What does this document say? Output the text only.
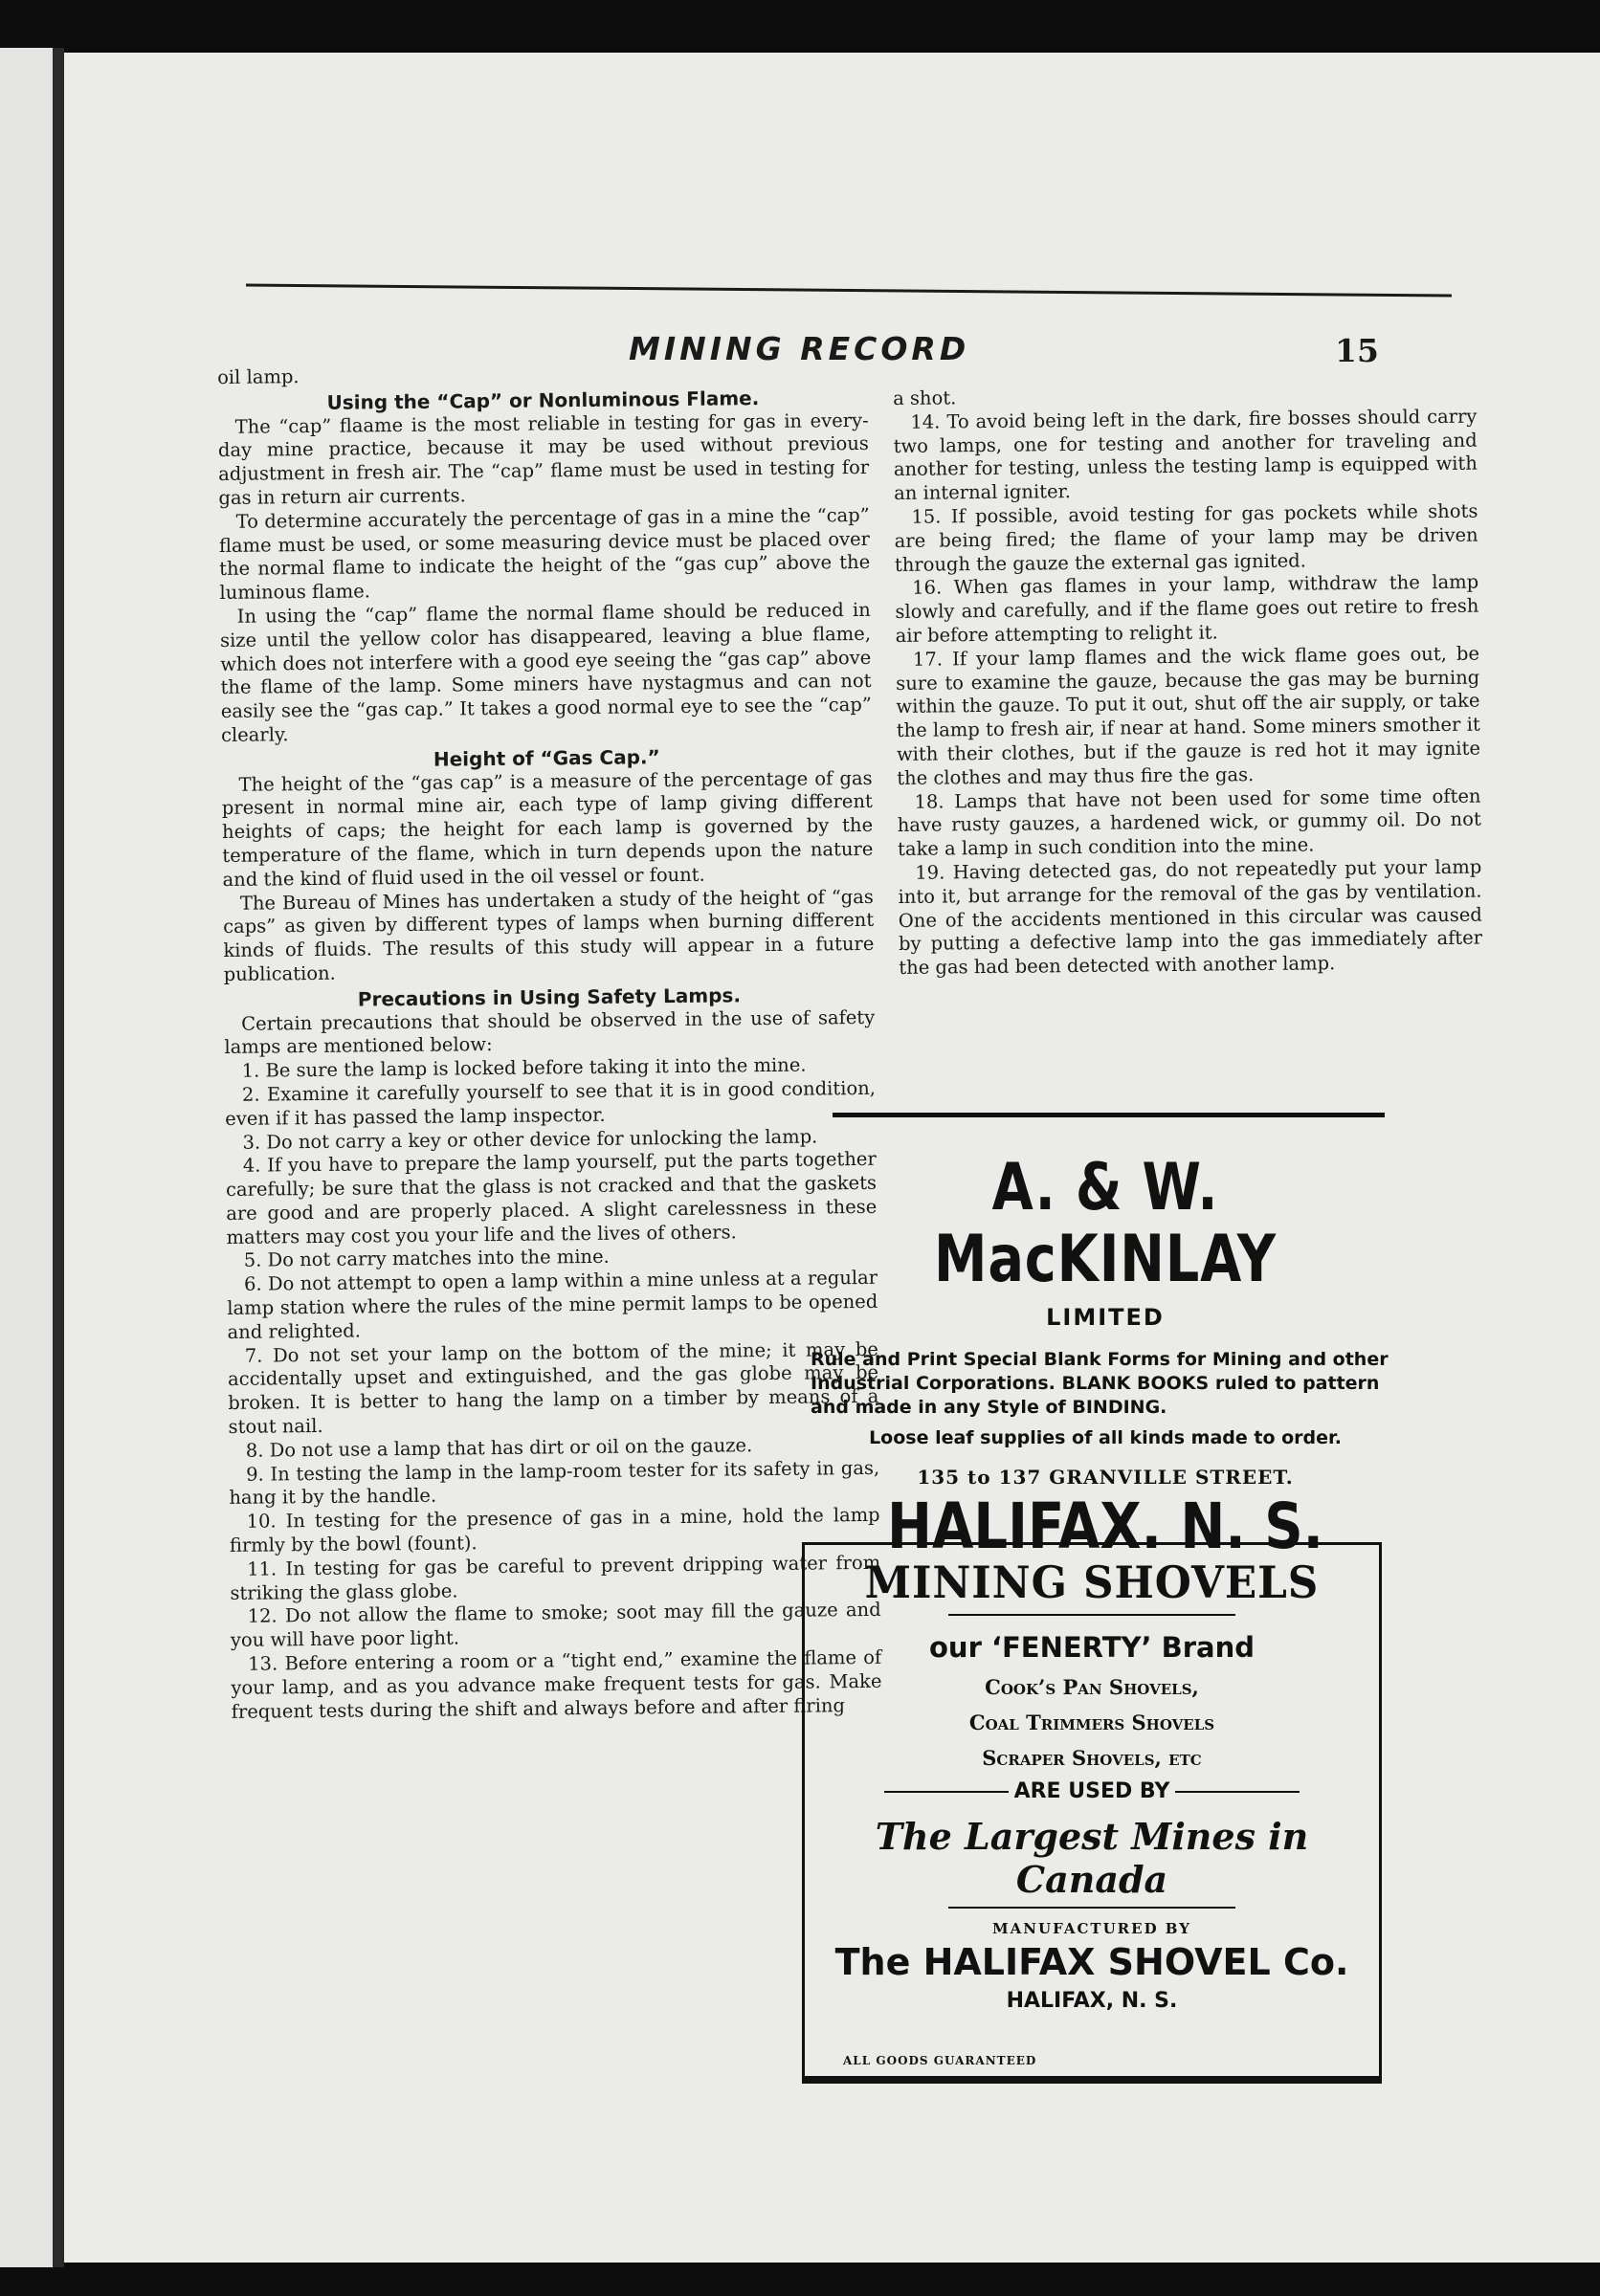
MINING RECORD	15

oil lamp.

Using the “Cap” or Nonluminous Flame.

The “cap” flaame is the most reliable in testing for gas in every-day mine practice, because it may be used without previous adjustment in fresh air. The “cap” flame must be used in testing for gas in return air currents.

To determine accurately the percentage of gas in a mine the “cap” flame must be used, or some measuring device must be placed over the normal flame to indicate the height of the “gas cup” above the luminous flame.

In using the “cap” flame the normal flame should be reduced in size until the yellow color has disappeared, leaving a blue flame, which does not interfere with a good eye seeing the “gas cap” above the flame of the lamp. Some miners have nystagmus and can not easily see the “gas cap.” It takes a good normal eye to see the “cap” clearly.

Height of “Gas Cap.”

The height of the “gas cap” is a measure of the percentage of gas present in normal mine air, each type of lamp giving different heights of caps; the height for each lamp is governed by the temperature of the flame, which in turn depends upon the nature and the kind of fluid used in the oil vessel or fount.

The Bureau of Mines has undertaken a study of the height of “gas caps” as given by different types of lamps when burning different kinds of fluids. The results of this study will appear in a future publication.

Precautions in Using Safety Lamps.

Certain precautions that should be observed in the use of safety lamps are mentioned below:

1. Be sure the lamp is locked before taking it into the mine.

2. Examine it carefully yourself to see that it is in good condition, even if it has passed the lamp inspector.

3. Do not carry a key or other device for unlocking the lamp.

4. If you have to prepare the lamp yourself, put the parts together carefully; be sure that the glass is not cracked and that the gaskets are good and are properly placed. A slight carelessness in these matters may cost you your life and the lives of others.

5. Do not carry matches into the mine.

6. Do not attempt to open a lamp within a mine unless at a regular lamp station where the rules of the mine permit lamps to be opened and relighted.

7. Do not set your lamp on the bottom of the mine; it may be accidentally upset and extinguished, and the gas globe may be broken. It is better to hang the lamp on a timber by means of a stout nail.

8. Do not use a lamp that has dirt or oil on the gauze.

9. In testing the lamp in the lamp-room tester for its safety in gas, hang it by the handle.

10. In testing for the presence of gas in a mine, hold the lamp firmly by the bowl (fount).

11. In testing for gas be careful to prevent dripping water from striking the glass globe.

12. Do not allow the flame to smoke; soot may fill the gauze and you will have poor light.

13. Before entering a room or a “tight end,” examine the flame of your lamp, and as you advance make frequent tests for gas. Make frequent tests during the shift and always before and after firing

a shot.

14. To avoid being left in the dark, fire bosses should carry two lamps, one for testing and another for traveling and another for testing, unless the testing lamp is equipped with an internal igniter.

15. If possible, avoid testing for gas pockets while shots are being fired; the flame of your lamp may be driven through the gauze the external gas ignited.

16. When gas flames in your lamp, withdraw the lamp slowly and carefully, and if the flame goes out retire to fresh air before attempting to relight it.

17. If your lamp flames and the wick flame goes out, be sure to examine the gauze, because the gas may be burning within the gauze. To put it out, shut off the air supply, or take the lamp to fresh air, if near at hand. Some miners smother it with their clothes, but if the gauze is red hot it may ignite the clothes and may thus fire the gas.

18. Lamps that have not been used for some time often have rusty gauzes, a hardened wick, or gummy oil. Do not take a lamp in such condition into the mine.

19. Having detected gas, do not repeatedly put your lamp into it, but arrange for the removal of the gas by ventilation. One of the accidents mentioned in this circular was caused by putting a defective lamp into the gas immediately after the gas had been detected with another lamp.

A. & W. MacKINLAY
LIMITED
Rule and Print Special Blank Forms for Mining and other Industrial Corporations. BLANK BOOKS ruled to pattern and made in any Style of BINDING.
Loose leaf supplies of all kinds made to order.
135 to 137 GRANVILLE STREET.
HALIFAX. N. S.
MINING SHOVELS
our ‘FENERTY’ Brand
Cook’s Pan Shovels,
Coal Trimmers Shovels
Scraper Shovels, etc
ARE USED BY
The Largest Mines in Canada
MANUFACTURED BY
The HALIFAX SHOVEL Co.
HALIFAX, N. S.
ALL GOODS GUARANTEED
